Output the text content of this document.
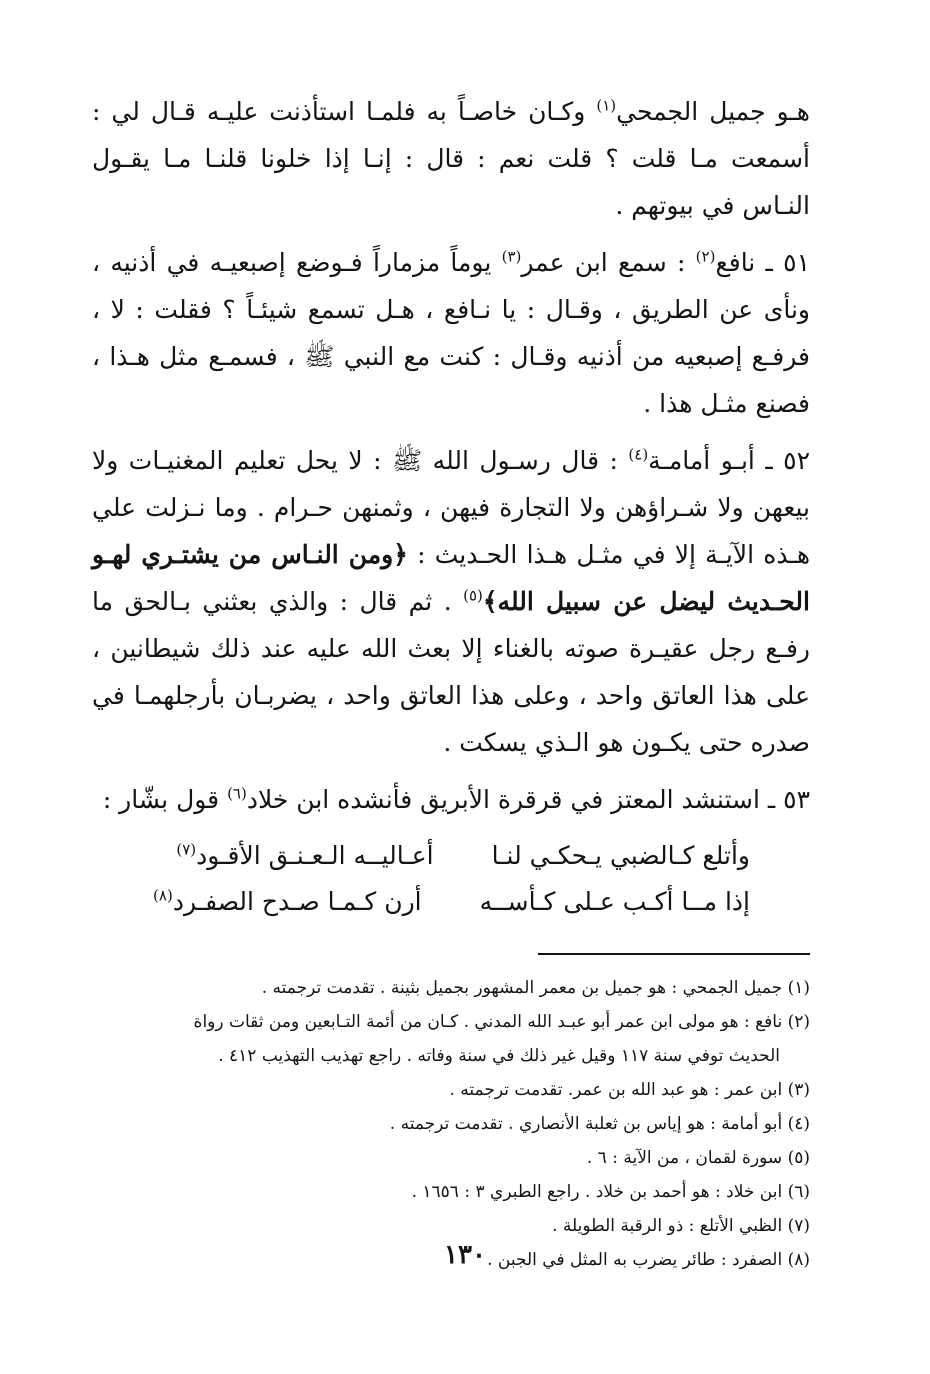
هـو جميل الجمحي$^{(١)}$ وكـان خاصـاً به فلمـا استأذنت عليـه قـال لي : أسمعت مـا قلت ؟ قلت نعم : قال : إنـا إذا خلونا قلنـا مـا يقـول النـاس في بيوتهم .

٥١ ـ نافع$^{(٢)}$ : سمع ابن عمر$^{(٣)}$ يوماً مزماراً فـوضع إصبعيـه في أذنيه ، ونأى عن الطريق ، وقـال : يا نـافع ، هـل تسمع شيئـاً ؟ فقلت : لا ، فرفـع إصبعيه من أذنيه وقـال : كنت مع النبي ﷺ ، فسمـع مثل هـذا ، فصنع مثـل هذا .

٥٢ ـ أبـو أمامـة$^{(٤)}$ : قال رسـول الله ﷺ : لا يحل تعليم المغنيـات ولا بيعهن ولا شـراؤهن ولا التجارة فيهن ، وثمنهن حـرام . وما نـزلت علي هـذه الآيـة إلا في مثـل هـذا الحـديث : ﴿ومن النـاس من يشتـري لهـو الحـديث ليضل عن سبيل الله﴾$^{(٥)}$ . ثم قال : والذي بعثني بـالحق ما رفـع رجل عقيـرة صوته بالغناء إلا بعث الله عليه عند ذلك شيطانين ، على هذا العاتق واحد ، وعلى هذا العاتق واحد ، يضربـان بأرجلهمـا في صدره حتى يكـون هو الـذي يسكت .

٥٣ ـ استنشد المعتز في قرقرة الأبريق فأنشده ابن خلاد$^{(٦)}$ قول بشّار :

وأتلع كـالضبي يـحكـي لنـا
أعـاليــه الـعـنـق الأقـود$^{(٧)}$
إذا مــا أكـب عـلى كـأســه
أرن كـمـا صـدح الصفـرد$^{(٨)}$

(١) جميل الجمحي : هو جميل بن معمر المشهور بجميل بثينة . تقدمت ترجمته .

(٢) نافع : هو مولى ابن عمر أبو عبـد الله المدني . كـان من أئمة التـابعين ومن ثقات رواة

الحديث توفي سنة ١١٧ وقيل غير ذلك في سنة وفاته . راجع تهذيب التهذيب ٤١٢ .

(٣) ابن عمر : هو عبد الله بن عمر. تقدمت ترجمته .

(٤) أبو أمامة : هو إياس بن ثعلبة الأنصاري . تقدمت ترجمته .

(٥) سورة لقمان ، من الآية : ٦ .

(٦) ابن خلاد : هو أحمد بن خلاد . راجع الطبري ٣ : ١٦٥٦ .

(٧) الظبي الأتلع : ذو الرقبة الطويلة .

(٨) الصفرد : طائر يضرب به المثل في الجبن .

١٣٠
